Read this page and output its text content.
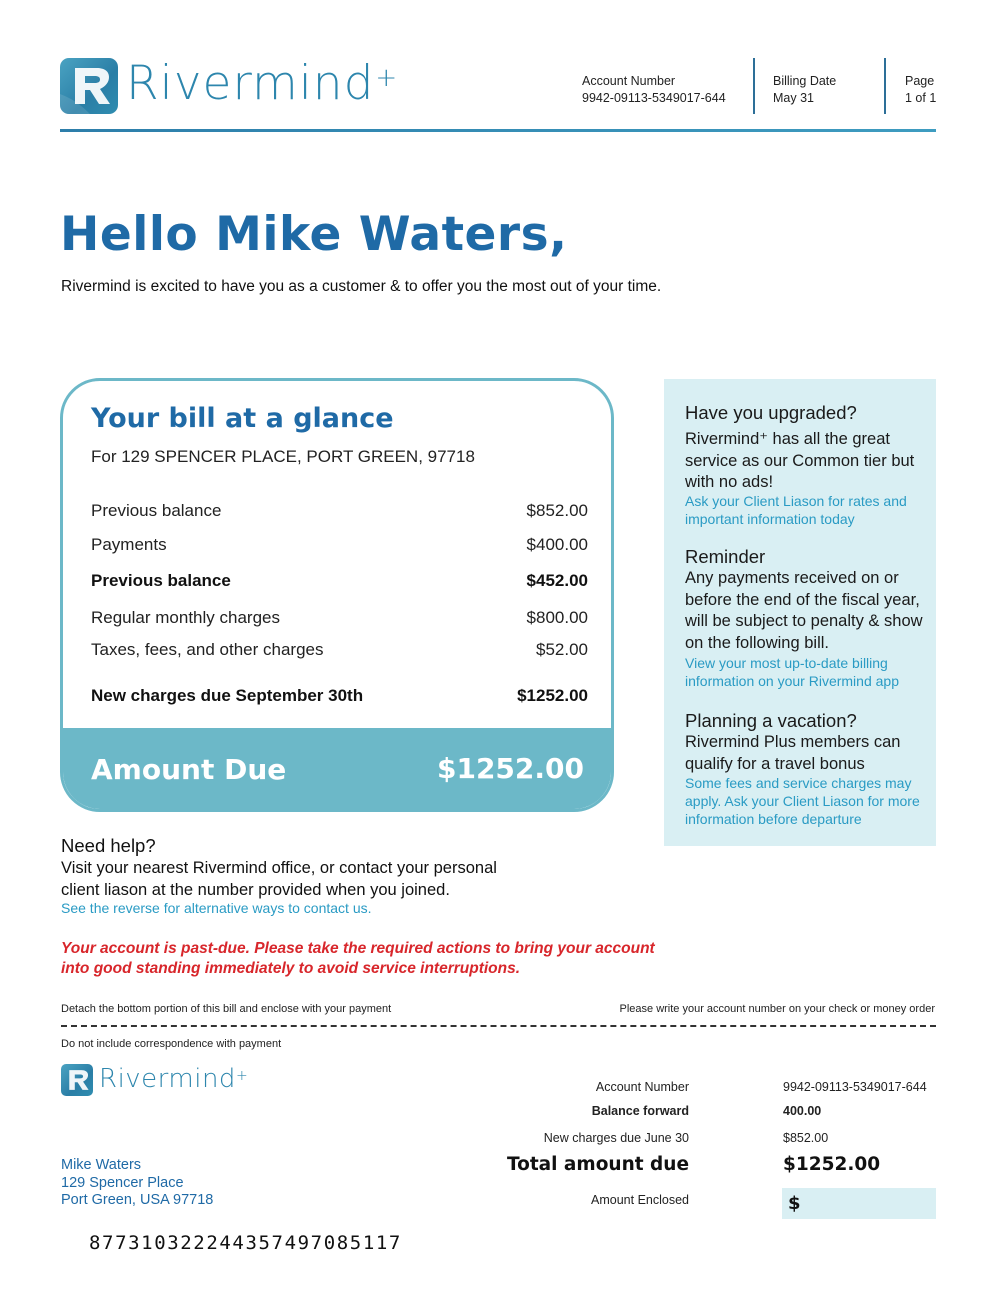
Rivermind+	Account Number
9942-09113-5349017-644
Billing Date
May 31
Page
1 of 1
Hello Mike Waters,
Rivermind is excited to have you as a customer & to offer you the most out of your time.
Your bill at a glance
For 129 SPENCER PLACE, PORT GREEN, 97718
Previous balance	$852.00
Payments	$400.00
Previous balance	$452.00
Regular monthly charges	$800.00
Taxes, fees, and other charges	$52.00
New charges due September 30th	$1252.00
Amount Due	$1252.00
Have you upgraded?
Rivermind⁺ has all the great service as our Common tier but with no ads!
Ask your Client Liason for rates and important information today
Reminder
Any payments received on or before the end of the fiscal year, will be subject to penalty & show on the following bill.
View your most up-to-date billing information on your Rivermind app
Planning a vacation?
Rivermind Plus members can qualify for a travel bonus
Some fees and service charges may apply. Ask your Client Liason for more information before departure
Need help?
Visit your nearest Rivermind office, or contact your personal client liason at the number provided when you joined.
See the reverse for alternative ways to contact us.
Your account is past-due. Please take the required actions to bring your account into good standing immediately to avoid service interruptions.
Detach the bottom portion of this bill and enclose with your payment	Please write your account number on your check or money order
Do not include correspondence with payment
Rivermind+
Account Number	9942-09113-5349017-644
Balance forward	400.00
New charges due June 30	$852.00
Total amount due	$1252.00
Amount Enclosed	$
Mike Waters
129 Spencer Place
Port Green, USA 97718
877310322244357497085117
